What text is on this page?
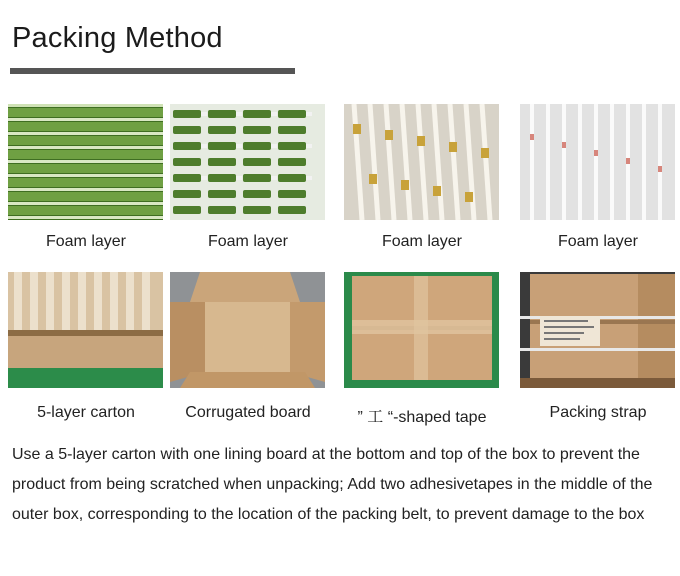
Packing Method
Foam layer	Foam layer	Foam layer	Foam layer
5-layer carton	Corrugated board	” 工 “-shaped tape	Packing strap
Use a 5-layer carton with one lining board at the bottom and top of the box to prevent the product from being scratched when unpacking; Add two adhesivetapes in the middle of the outer box, corresponding to the location of the packing belt, to prevent damage to the box
